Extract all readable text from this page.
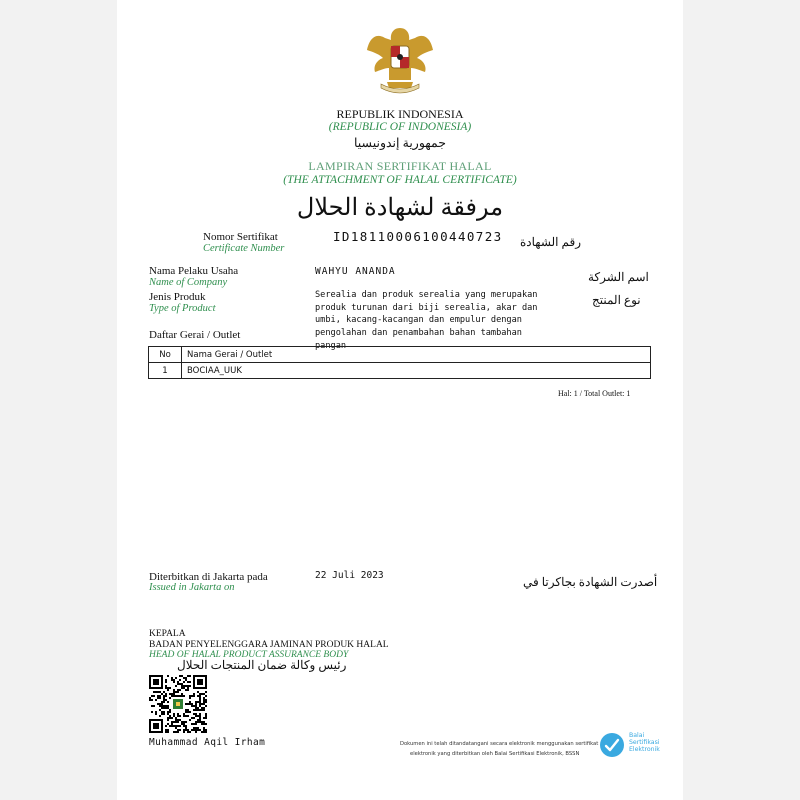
REPUBLIK INDONESIA
(REPUBLIC OF INDONESIA)
جمهورية إندونيسيا
LAMPIRAN SERTIFIKAT HALAL
(THE ATTACHMENT OF HALAL CERTIFICATE)
مرفقة لشهادة الحلال
Nomor Sertifikat
Certificate Number
ID18110006100440723 رقم الشهادة
Nama Pelaku Usaha
Name of Company
WAHYU ANANDA	اسم الشركة
Jenis Produk
Type of Product
نوع المنتج
Serealia dan produk serealia yang merupakan
produk turunan dari biji serealia, akar dan
umbi, kacang-kacangan dan empulur dengan
pengolahan dan penambahan bahan tambahan
pangan
Daftar Gerai / Outlet
No	Nama Gerai / Outlet
1	BOCIAA_UUK
Hal: 1 / Total Outlet: 1
Diterbitkan di Jakarta pada
Issued in Jakarta on
22 Juli 2023	أصدرت الشهادة بجاكرتا في
KEPALA
BADAN PENYELENGGARA JAMINAN PRODUK HALAL
HEAD OF HALAL PRODUCT ASSURANCE BODY
رئيس وكالة ضمان المنتجات الحلال
Muhammad Aqil Irham	Dokumen ini telah ditandatangani secara elektronik menggunakan sertifikat
elektronik yang diterbitkan oleh Balai Sertifikasi Elektronik, BSSN
Balai
Sertifikasi
Elektronik
